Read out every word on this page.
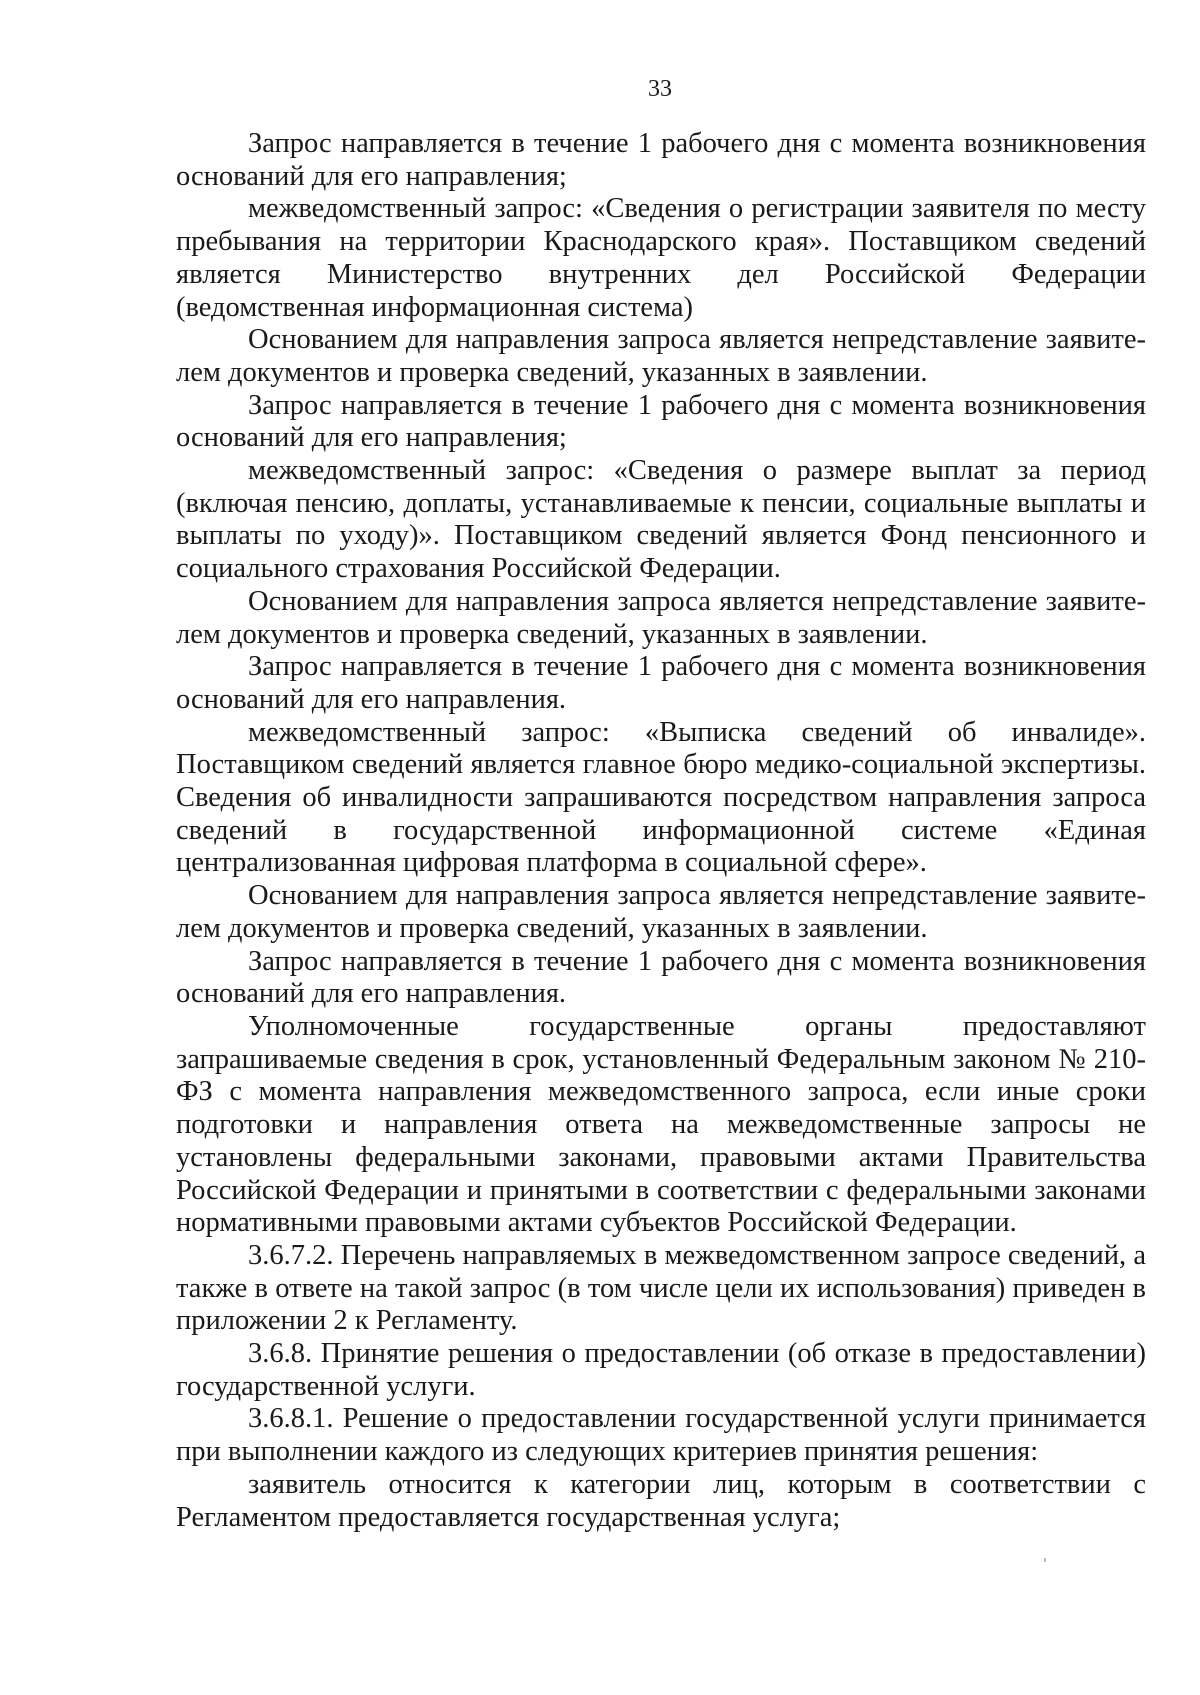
33

Запрос направляется в течение 1 рабочего дня с момента возникновения оснований для его направления;

межведомственный запрос: «Сведения о регистрации заявителя по месту пребывания на территории Краснодарского края». Поставщиком сведений является Министерство внутренних дел Российской Федерации (ведомственная информационная система)

Основанием для направления запроса является непредставление заявителем документов и проверка сведений, указанных в заявлении.

Запрос направляется в течение 1 рабочего дня с момента возникновения оснований для его направления;

межведомственный запрос: «Сведения о размере выплат за период (включая пенсию, доплаты, устанавливаемые к пенсии, социальные выплаты и выплаты по уходу)». Поставщиком сведений является Фонд пенсионного и социального страхования Российской Федерации.

Основанием для направления запроса является непредставление заявителем документов и проверка сведений, указанных в заявлении.

Запрос направляется в течение 1 рабочего дня с момента возникновения оснований для его направления.

межведомственный запрос: «Выписка сведений об инвалиде». Поставщиком сведений является главное бюро медико-социальной экспертизы. Сведения об инвалидности запрашиваются посредством направления запроса сведений в государственной информационной системе «Единая централизованная цифровая платформа в социальной сфере».

Основанием для направления запроса является непредставление заявителем документов и проверка сведений, указанных в заявлении.

Запрос направляется в течение 1 рабочего дня с момента возникновения оснований для его направления.

Уполномоченные государственные органы предоставляют запрашиваемые сведения в срок, установленный Федеральным законом № 210-ФЗ с момента направления межведомственного запроса, если иные сроки подготовки и направления ответа на межведомственные запросы не установлены федеральными законами, правовыми актами Правительства Российской Федерации и принятыми в соответствии с федеральными законами нормативными правовыми актами субъектов Российской Федерации.

3.6.7.2. Перечень направляемых в межведомственном запросе сведений, а также в ответе на такой запрос (в том числе цели их использования) приведен в приложении 2 к Регламенту.

3.6.8. Принятие решения о предоставлении (об отказе в предоставлении) государственной услуги.

3.6.8.1. Решение о предоставлении государственной услуги принимается при выполнении каждого из следующих критериев принятия решения:

заявитель относится к категории лиц, которым в соответствии с Регламентом предоставляется государственная услуга;
